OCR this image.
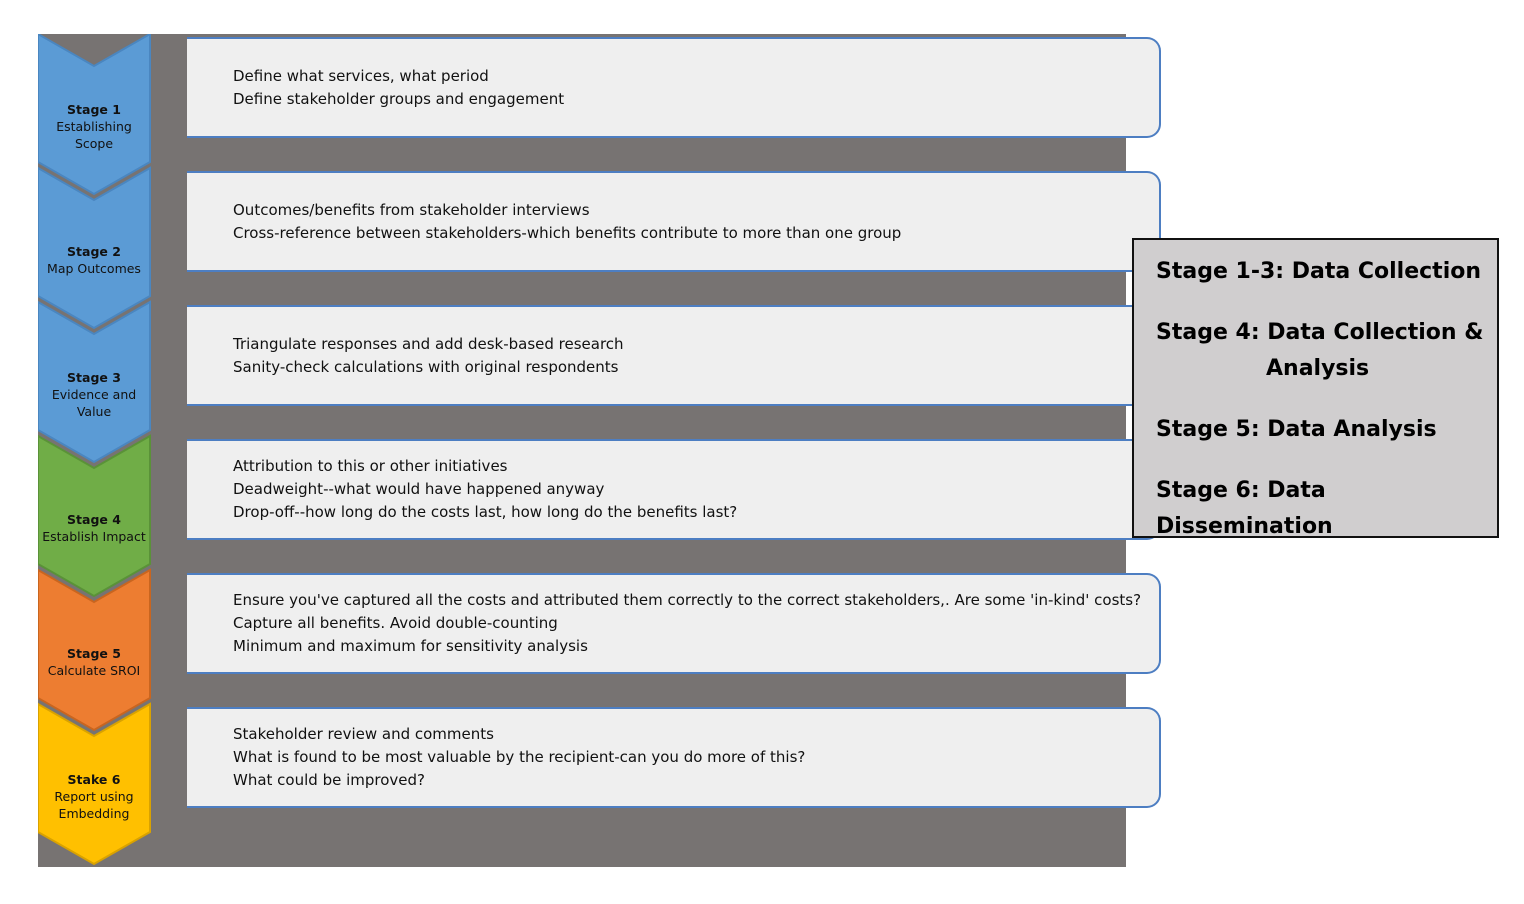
Define what services, what period
Define stakeholder groups and engagement
Outcomes/benefits from stakeholder interviews
Cross-reference between stakeholders-which benefits contribute to more than one group
Triangulate responses and add desk-based research
Sanity-check calculations with original respondents
Attribution to this or other initiatives
Deadweight--what would have happened anyway
Drop-off--how long do the costs last, how long do the benefits last?
Ensure you've captured all the costs and attributed them correctly to the correct stakeholders,. Are some 'in-kind' costs?
Capture all benefits. Avoid double-counting
Minimum and maximum for sensitivity analysis
Stakeholder review and comments
What is found to be most valuable by the recipient-can you do more of this?
What could be improved?
Stage 1
Establishing
Scope
Stage 2
Map Outcomes
Stage 3
Evidence and
Value
Stage 4
Establish Impact
Stage 5
Calculate SROI
Stake 6
Report using
Embedding
Stage 1-3: Data Collection
Stage 4: Data Collection &
Analysis
Stage 5: Data Analysis
Stage 6: Data Dissemination
